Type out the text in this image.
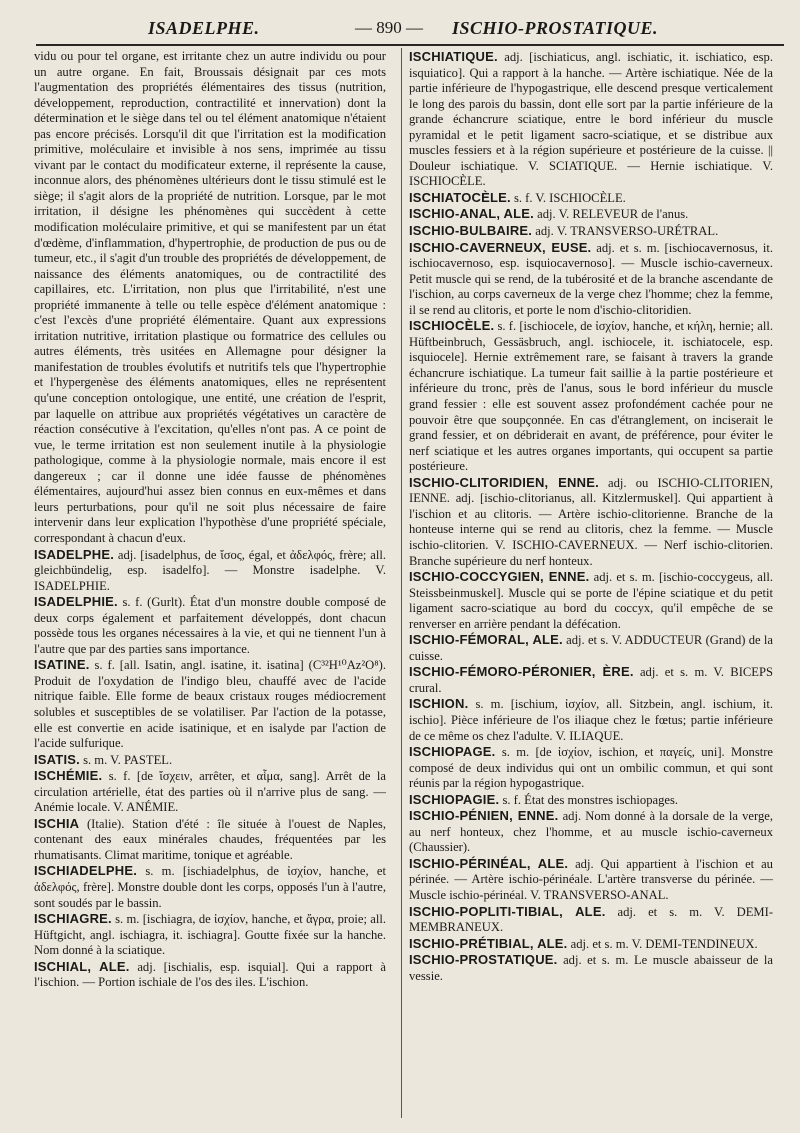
ISADELPHE.	— 890 — ISCHIO-PROSTATIQUE.

vidu ou pour tel organe, est irritante chez un autre individu ou pour un autre organe. En fait, Broussais désignait par ces mots l'augmentation des propriétés élémentaires des tissus (nutrition, développement, reproduction, contractilité et innervation) dont la détermination et le siège dans tel ou tel élément anatomique n'étaient pas encore précisés. Lorsqu'il dit que l'irritation est la modification primitive, moléculaire et invisible à nos sens, imprimée au tissu vivant par le contact du modificateur externe, il représente la cause, inconnue alors, des phénomènes ultérieurs dont le tissu stimulé est le siège; il s'agit alors de la propriété de nutrition. Lorsque, par le mot irritation, il désigne les phénomènes qui succèdent à cette modification moléculaire primitive, et qui se manifestent par un état d'œdème, d'inflammation, d'hypertrophie, de production de pus ou de tumeur, etc., il s'agit d'un trouble des propriétés de développement, de naissance des éléments anatomiques, ou de contractilité des capillaires, etc. L'irritation, non plus que l'irritabilité, n'est une propriété immanente à telle ou telle espèce d'élément anatomique : c'est l'excès d'une propriété élémentaire. Quant aux expressions irritation nutritive, irritation plastique ou formatrice des cellules ou autres éléments, très usitées en Allemagne pour désigner la manifestation de troubles évolutifs et nutritifs tels que l'hypertrophie et l'hypergenèse des éléments anatomiques, elles ne représentent qu'une conception ontologique, une entité, une création de l'esprit, par laquelle on attribue aux propriétés végétatives un caractère de réaction consécutive à l'excitation, qu'elles n'ont pas. A ce point de vue, le terme irritation est non seulement inutile à la physiologie pathologique, comme à la physiologie normale, mais encore il est dangereux ; car il donne une idée fausse de phénomènes élémentaires, aujourd'hui assez bien connus en eux-mêmes et dans leurs perturbations, pour qu'il ne soit plus nécessaire de faire intervenir dans leur explication l'hypothèse d'une propriété spéciale, correspondant à chacun d'eux.

ISADELPHE. adj. [isadelphus, de ἴσος, égal, et ἀδελφός, frère; all. gleichbündelig, esp. isadelfo]. — Monstre isadelphe. V. ISADELPHIE.

ISADELPHIE. s. f. (Gurlt). État d'un monstre double composé de deux corps également et parfaitement développés, dont chacun possède tous les organes nécessaires à la vie, et qui ne tiennent l'un à l'autre que par des parties sans importance.

ISATINE. s. f. [all. Isatin, angl. isatine, it. isatina] (C³²H¹⁰Az²O⁸). Produit de l'oxydation de l'indigo bleu, chauffé avec de l'acide nitrique faible. Elle forme de beaux cristaux rouges médiocrement solubles et susceptibles de se volatiliser. Par l'action de la potasse, elle est convertie en acide isatinique, et en isalyde par l'action de l'acide sulfurique.

ISATIS. s. m. V. PASTEL.

ISCHÉMIE. s. f. [de ἴσχειν, arrêter, et αἷμα, sang]. Arrêt de la circulation artérielle, état des parties où il n'arrive plus de sang. — Anémie locale. V. ANÉMIE.

ISCHIA (Italie). Station d'été : île située à l'ouest de Naples, contenant des eaux minérales chaudes, fréquentées par les rhumatisants. Climat maritime, tonique et agréable.

ISCHIADELPHE. s. m. [ischiadelphus, de ἰσχίον, hanche, et ἀδελφός, frère]. Monstre double dont les corps, opposés l'un à l'autre, sont soudés par le bassin.

ISCHIAGRE. s. m. [ischiagra, de ἰσχίον, hanche, et ἄγρα, proie; all. Hüftgicht, angl. ischiagra, it. ischiagra]. Goutte fixée sur la hanche. Nom donné à la sciatique.

ISCHIAL, ALE. adj. [ischialis, esp. isquial]. Qui a rapport à l'ischion. — Portion ischiale de l'os des iles. L'ischion.

ISCHIATIQUE. adj. [ischiaticus, angl. ischiatic, it. ischiatico, esp. isquiatico]. Qui a rapport à la hanche. — Artère ischiatique. Née de la partie inférieure de l'hypogastrique, elle descend presque verticalement le long des parois du bassin, dont elle sort par la partie inférieure de la grande échancrure sciatique, entre le bord inférieur du muscle pyramidal et le petit ligament sacro-sciatique, et se distribue aux muscles fessiers et à la région supérieure et postérieure de la cuisse. || Douleur ischiatique. V. SCIATIQUE. — Hernie ischiatique. V. ISCHIOCÈLE.

ISCHIATOCÈLE. s. f. V. ISCHIOCÈLE.

ISCHIO-ANAL, ALE. adj. V. RELEVEUR de l'anus.

ISCHIO-BULBAIRE. adj. V. TRANSVERSO-URÉTRAL.

ISCHIO-CAVERNEUX, EUSE. adj. et s. m. [ischiocavernosus, it. ischiocavernoso, esp. isquiocavernoso]. — Muscle ischio-caverneux. Petit muscle qui se rend, de la tubérosité et de la branche ascendante de l'ischion, au corps caverneux de la verge chez l'homme; chez la femme, il se rend au clitoris, et porte le nom d'ischio-clitoridien.

ISCHIOCÈLE. s. f. [ischiocele, de ἰσχίον, hanche, et κήλη, hernie; all. Hüftbeinbruch, Gessäsbruch, angl. ischiocele, it. ischiatocele, esp. isquiocele]. Hernie extrêmement rare, se faisant à travers la grande échancrure ischiatique. La tumeur fait saillie à la partie postérieure et inférieure du tronc, près de l'anus, sous le bord inférieur du muscle grand fessier : elle est souvent assez profondément cachée pour ne pouvoir être que soupçonnée. En cas d'étranglement, on inciserait le grand fessier, et on débriderait en avant, de préférence, pour éviter le nerf sciatique et les autres organes importants, qui occupent sa partie postérieure.

ISCHIO-CLITORIDIEN, ENNE. adj. ou ISCHIO-CLITORIEN, IENNE. adj. [ischio-clitorianus, all. Kitzlermuskel]. Qui appartient à l'ischion et au clitoris. — Artère ischio-clitorienne. Branche de la honteuse interne qui se rend au clitoris, chez la femme. — Muscle ischio-clitorien. V. ISCHIO-CAVERNEUX. — Nerf ischio-clitorien. Branche supérieure du nerf honteux.

ISCHIO-COCCYGIEN, ENNE. adj. et s. m. [ischio-coccygeus, all. Steissbeinmuskel]. Muscle qui se porte de l'épine sciatique et du petit ligament sacro-sciatique au bord du coccyx, qu'il empêche de se renverser en arrière pendant la défécation.

ISCHIO-FÉMORAL, ALE. adj. et s. V. ADDUCTEUR (Grand) de la cuisse.

ISCHIO-FÉMORO-PÉRONIER, ÈRE. adj. et s. m. V. BICEPS crural.

ISCHION. s. m. [ischium, ἰσχίον, all. Sitzbein, angl. ischium, it. ischio]. Pièce inférieure de l'os iliaque chez le fœtus; partie inférieure de ce même os chez l'adulte. V. ILIAQUE.

ISCHIOPAGE. s. m. [de ἰσχίον, ischion, et παγείς, uni]. Monstre composé de deux individus qui ont un ombilic commun, et qui sont réunis par la région hypogastrique.

ISCHIOPAGIE. s. f. État des monstres ischiopages.

ISCHIO-PÉNIEN, ENNE. adj. Nom donné à la dorsale de la verge, au nerf honteux, chez l'homme, et au muscle ischio-caverneux (Chaussier).

ISCHIO-PÉRINÉAL, ALE. adj. Qui appartient à l'ischion et au périnée. — Artère ischio-périnéale. L'artère transverse du périnée. — Muscle ischio-périnéal. V. TRANSVERSO-ANAL.

ISCHIO-POPLITI-TIBIAL, ALE. adj. et s. m. V. DEMI-MEMBRANEUX.

ISCHIO-PRÉTIBIAL, ALE. adj. et s. m. V. DEMI-TENDINEUX.

ISCHIO-PROSTATIQUE. adj. et s. m. Le muscle abaisseur de la vessie.
